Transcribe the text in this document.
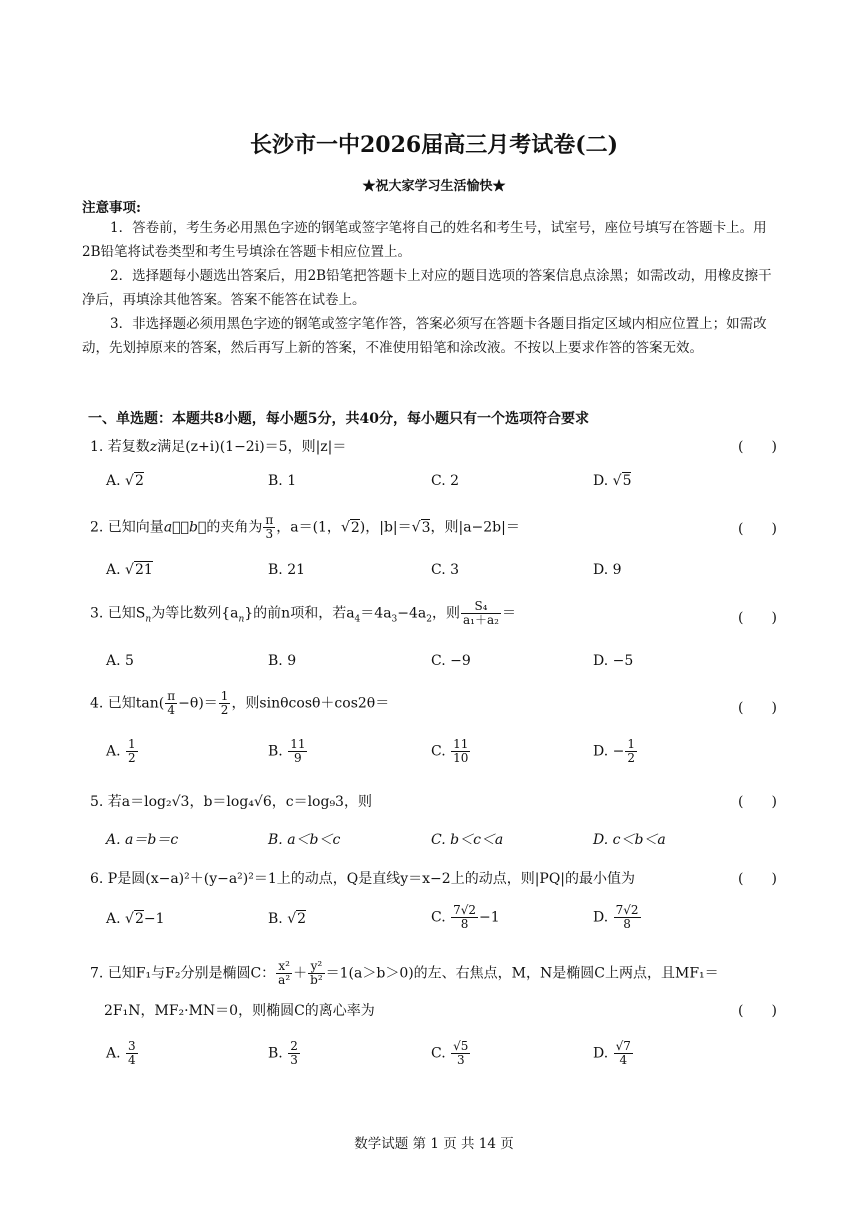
长沙市一中2026届高三月考试卷(二)
★祝大家学习生活愉快★
注意事项:
1．答卷前，考生务必用黑色字迹的钢笔或签字笔将自己的姓名和考生号，试室号，座位号填写在答题卡上。用2B铅笔将试卷类型和考生号填涂在答题卡相应位置上。
2．选择题每小题选出答案后，用2B铅笔把答题卡上对应的题目选项的答案信息点涂黑；如需改动，用橡皮擦干净后，再填涂其他答案。答案不能答在试卷上。
3．非选择题必须用黑色字迹的钢笔或签字笔作答，答案必须写在答题卡各题目指定区域内相应位置上；如需改动，先划掉原来的答案，然后再写上新的答案，不准使用铅笔和涂改液。不按以上要求作答的答案无效。
一、单选题：本题共8小题，每小题5分，共40分，每小题只有一个选项符合要求
1. 若复数z满足(z+i)(1−2i)＝5，则|z|＝	(　　)
A. √2	B. 1	C. 2	D. √5
2. 已知向量a⃗，b⃗的夹角为 $\frac{\pi}{3}$ ，a＝(1，√2)，|b|＝√3，则|a−2b|＝	(　　)
A. √21	B. 21	C. 3	D. 9
3. 已知$S_n$为等比数列$\{a_n\}$的前n项和，若$a_4=4a_3-4a_2$，则 $\frac{\text{S₄}}{\text{a₁＋a₂}}$ ＝	(　　)
A. 5	B. 9	C. −9	D. −5
4. 已知$\tan( \frac{\pi}{4} -\theta)= \frac{1}{2}$ ，则sinθcosθ＋cos2θ＝	(　　)
A. $\frac{1}{2}$	B. $\frac{11}{9}$	C. $\frac{11}{10}$	D. − $\frac{1}{2}$
5. 若a＝log₂√3，b＝log₄√6，c＝log₉3，则	(　　)
A. a＝b＝c	B. a＜b＜c	C. b＜c＜a	D. c＜b＜a
6. P是圆(x−a)²＋(y−a²)²＝1上的动点，Q是直线y＝x−2上的动点，则|PQ|的最小值为	(　　)
A. √2−1	B. √2	C. $\frac{7√2}{8} -1$	D. $\frac{7√2}{8}$
7. 已知F₁与F₂分别是椭圆C： $\frac{\text{x²}}{\text{a²}} + \frac{\text{y²}}{\text{b²}} =1(a>b>0)$的左、右焦点，M，N是椭圆C上两点，且MF₁＝
2F₁N，MF₂·MN＝0，则椭圆C的离心率为	(　　)
A. $\frac{3}{4}$	B. $\frac{2}{3}$	C. $\frac{√5}{3}$	D. $\frac{√7}{4}$
数学试题 第 1 页 共 14 页
